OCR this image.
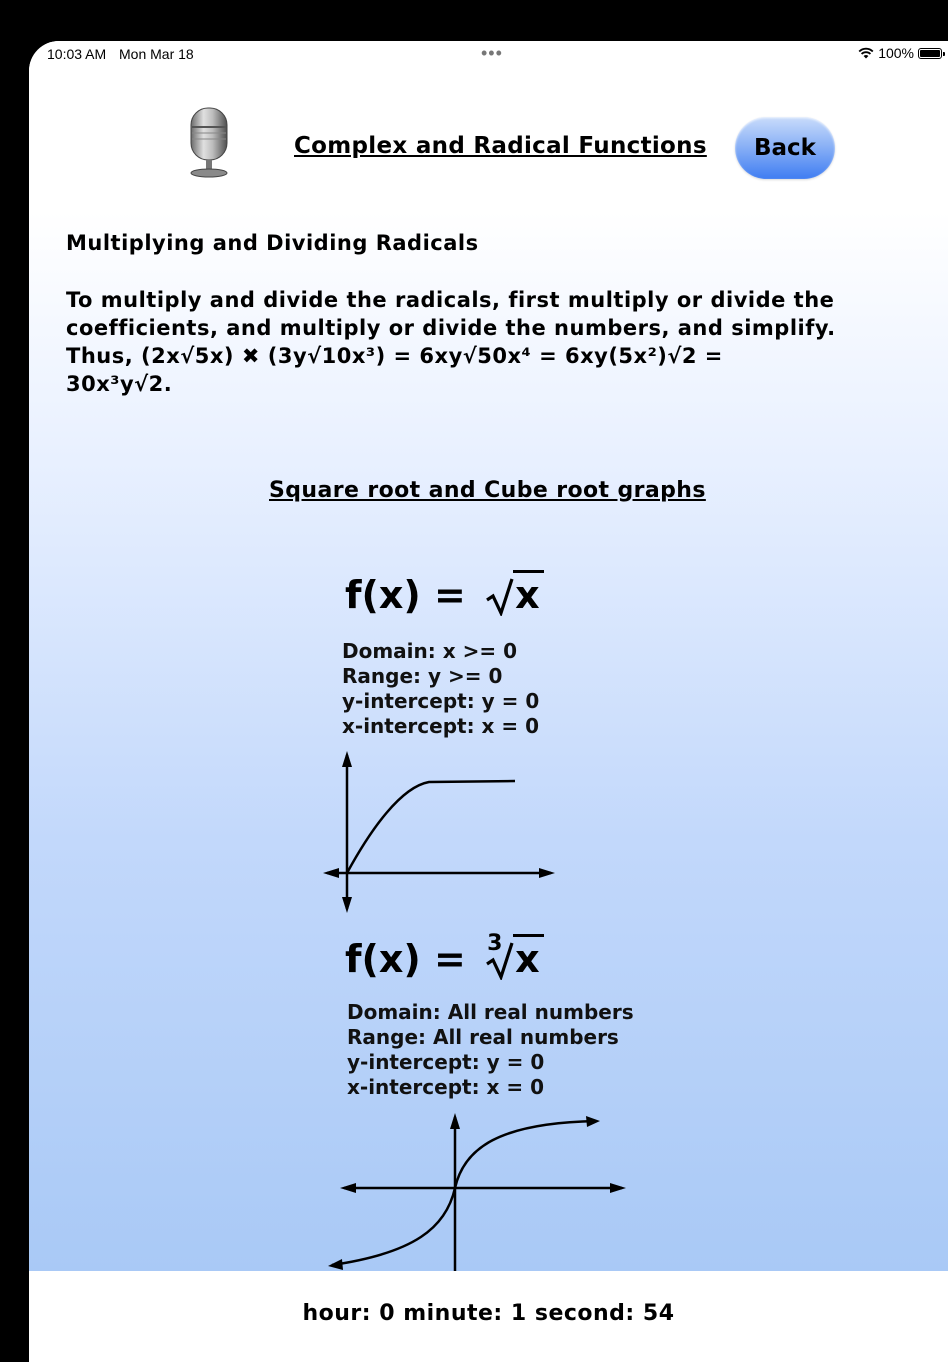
10:03 AM Mon Mar 18	•••	100%
Complex and Radical Functions	Back
Multiplying and Dividing Radicals
To multiply and divide the radicals, first multiply or divide the
coefficients, and multiply or divide the numbers, and simplify.
Thus, (2x√5x) ✖︎ (3y√10x³) = 6xy√50x⁴ = 6xy(5x²)√2 =
30x³y√2.
Square root and Cube root graphs
f(x) = x
Domain: x >= 0
Range: y >= 0
y-intercept: y = 0
x-intercept: x = 0
f(x) = 3 x
Domain: All real numbers
Range: All real numbers
y-intercept: y = 0
x-intercept: x = 0
hour: 0 minute: 1 second: 54
